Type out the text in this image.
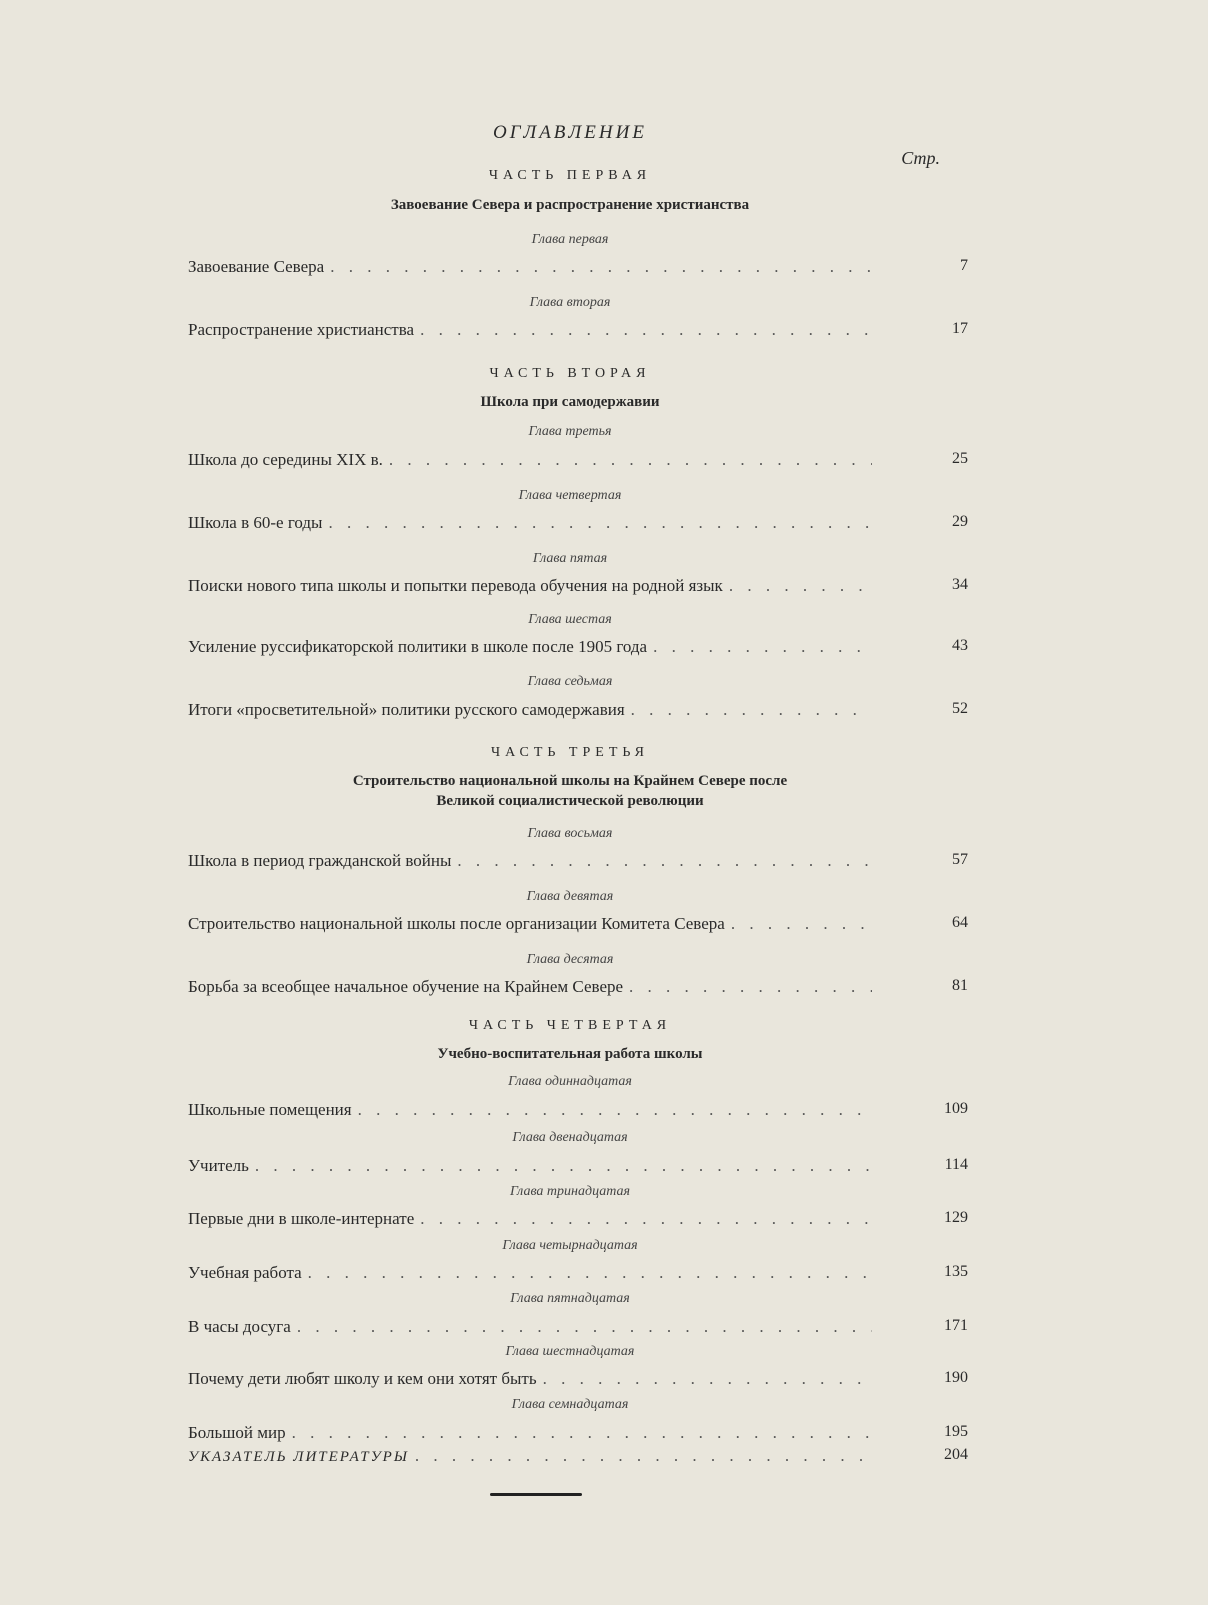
ОГЛАВЛЕНИЕ
Стр.
ЧАСТЬ ПЕРВАЯ
Завоевание Севера и распространение христианства
Глава первая
Завоевание Севера . . .	7
Глава вторая
Распространение христианства . . .	17
ЧАСТЬ ВТОРАЯ
Школа при самодержавии
Глава третья
Школа до середины XIX в. . . .	25
Глава четвертая
Школа в 60-е годы . . .	29
Глава пятая
Поиски нового типа школы и попытки перевода обучения на родной язык . . .	34
Глава шестая
Усиление руссификаторской политики в школе после 1905 года . . .	43
Глава седьмая
Итоги «просветительной» политики русского самодержавия . . .	52
ЧАСТЬ ТРЕТЬЯ
Строительство национальной школы на Крайнем Севере после
Великой социалистической революции
Глава восьмая
Школа в период гражданской войны . . .	57
Глава девятая
Строительство национальной школы после организации Комитета Севера . . .	64
Глава десятая
Борьба за всеобщее начальное обучение на Крайнем Севере . . .	81
ЧАСТЬ ЧЕТВЕРТАЯ
Учебно-воспитательная работа школы
Глава одиннадцатая
Школьные помещения . . .	109
Глава двенадцатая
Учитель . . .	114
Глава тринадцатая
Первые дни в школе-интернате . . .	129
Глава четырнадцатая
Учебная работа . . .	135
Глава пятнадцатая
В часы досуга . . .	171
Глава шестнадцатая
Почему дети любят школу и кем они хотят быть . . .	190
Глава семнадцатая
Большой мир . . .	195
УКАЗАТЕЛЬ ЛИТЕРАТУРЫ . . .	204
